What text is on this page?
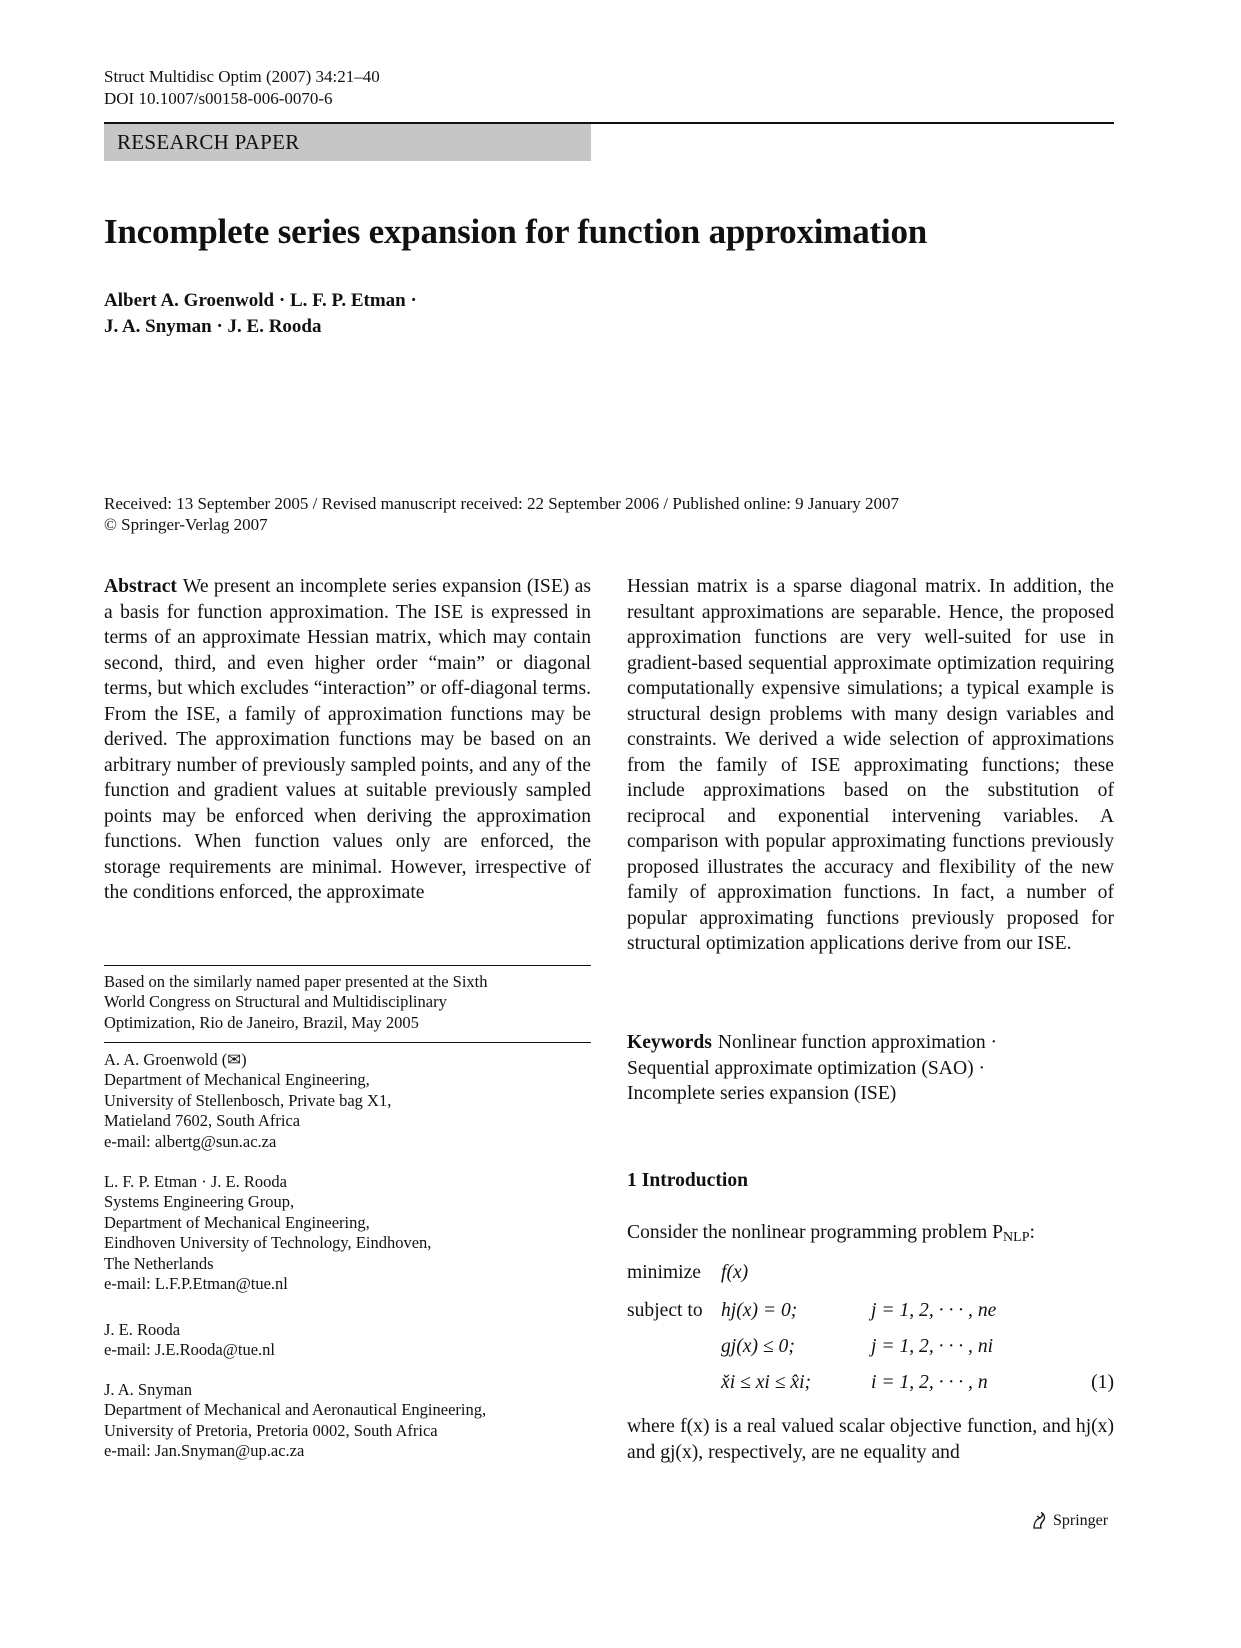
Struct Multidisc Optim (2007) 34:21–40
DOI 10.1007/s00158-006-0070-6
RESEARCH PAPER
Incomplete series expansion for function approximation
Albert A. Groenwold · L. F. P. Etman ·
J. A. Snyman · J. E. Rooda
Received: 13 September 2005 / Revised manuscript received: 22 September 2006 / Published online: 9 January 2007
© Springer-Verlag 2007
Abstract We present an incomplete series expansion (ISE) as a basis for function approximation. The ISE is expressed in terms of an approximate Hessian matrix, which may contain second, third, and even higher order “main” or diagonal terms, but which excludes “interaction” or off-diagonal terms. From the ISE, a family of approximation functions may be derived. The approximation functions may be based on an arbitrary number of previously sampled points, and any of the function and gradient values at suitable previously sampled points may be enforced when deriving the approximation functions. When function values only are enforced, the storage requirements are minimal. However, irrespective of the conditions enforced, the approximate
Based on the similarly named paper presented at the Sixth
World Congress on Structural and Multidisciplinary
Optimization, Rio de Janeiro, Brazil, May 2005
A. A. Groenwold (✉)
Department of Mechanical Engineering,
University of Stellenbosch, Private bag X1,
Matieland 7602, South Africa
e-mail: albertg@sun.ac.za
L. F. P. Etman · J. E. Rooda
Systems Engineering Group,
Department of Mechanical Engineering,
Eindhoven University of Technology, Eindhoven,
The Netherlands
e-mail: L.F.P.Etman@tue.nl
J. E. Rooda
e-mail: J.E.Rooda@tue.nl
J. A. Snyman
Department of Mechanical and Aeronautical Engineering,
University of Pretoria, Pretoria 0002, South Africa
e-mail: Jan.Snyman@up.ac.za
Hessian matrix is a sparse diagonal matrix. In addition, the resultant approximations are separable. Hence, the proposed approximation functions are very well-suited for use in gradient-based sequential approximate optimization requiring computationally expensive simulations; a typical example is structural design problems with many design variables and constraints. We derived a wide selection of approximations from the family of ISE approximating functions; these include approximations based on the substitution of reciprocal and exponential intervening variables. A comparison with popular approximating functions previously proposed illustrates the accuracy and flexibility of the new family of approximation functions. In fact, a number of popular approximating functions previously proposed for structural optimization applications derive from our ISE.
Keywords Nonlinear function approximation ·
Sequential approximate optimization (SAO) ·
Incomplete series expansion (ISE)
1 Introduction
Consider the nonlinear programming problem PNLP:
minimize f(x)
subject to hj(x) = 0;	j = 1, 2, · · · , ne
gj(x) ≤ 0;	j = 1, 2, · · · , ni
x̌i ≤ xi ≤ x̂i;	i = 1, 2, · · · , n	(1)
where f(x) is a real valued scalar objective function, and hj(x) and gj(x), respectively, are ne equality and
Springer
